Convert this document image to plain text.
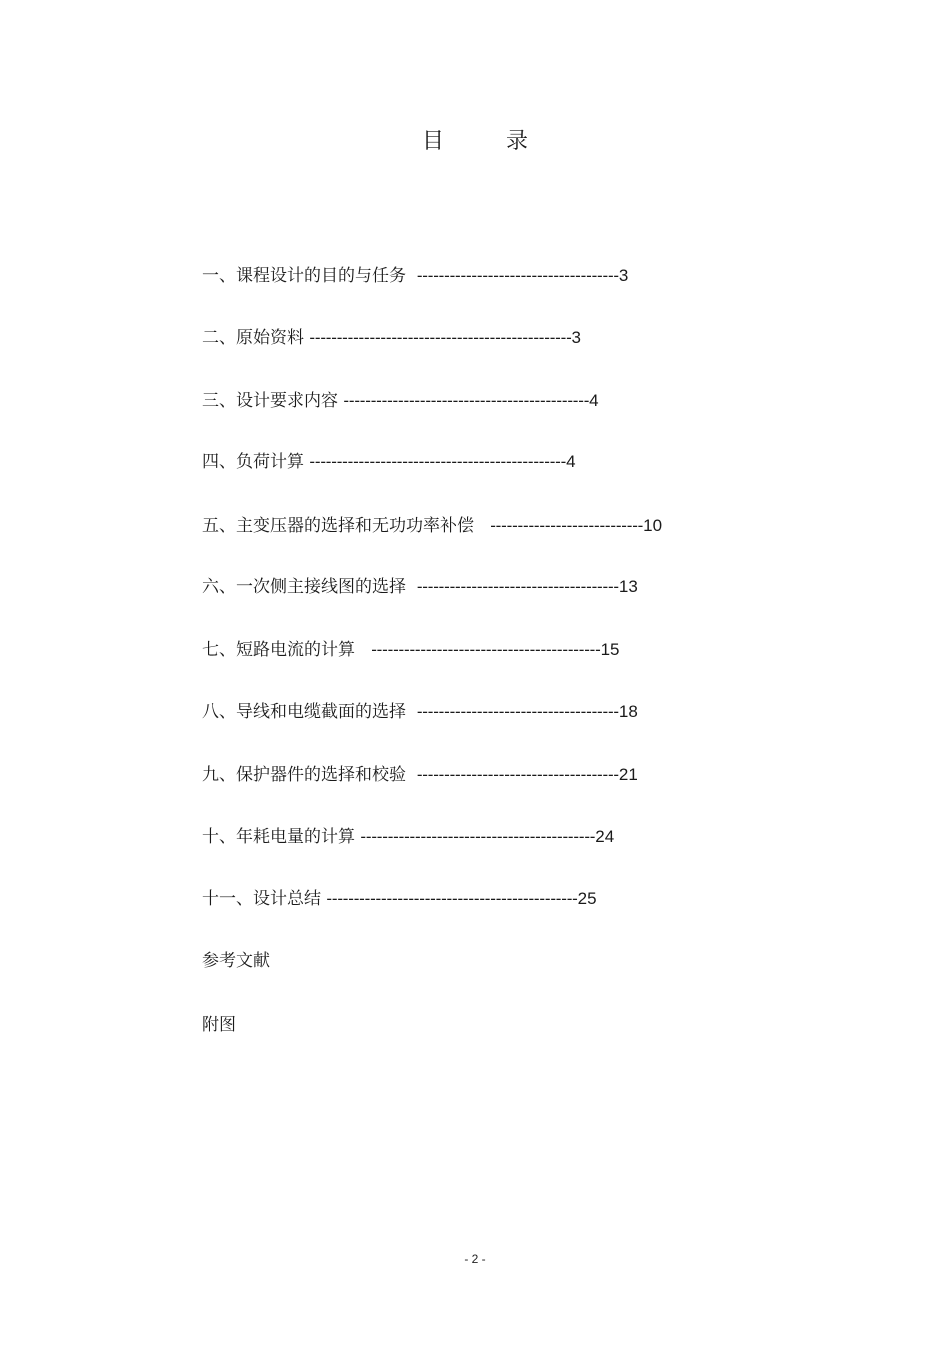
目	录
一、课程设计的目的与任务 -------------------------------------3
二、原始资料 ------------------------------------------------3
三、设计要求内容 ---------------------------------------------4
四、负荷计算 -----------------------------------------------4
五、主变压器的选择和无功功率补偿 ----------------------------10
六、一次侧主接线图的选择 -------------------------------------13
七、短路电流的计算 ------------------------------------------15
八、导线和电缆截面的选择 -------------------------------------18
九、保护器件的选择和校验 -------------------------------------21
十、年耗电量的计算 -------------------------------------------24
十一、设计总结 ----------------------------------------------25
参考文献
附图
- 2 -
